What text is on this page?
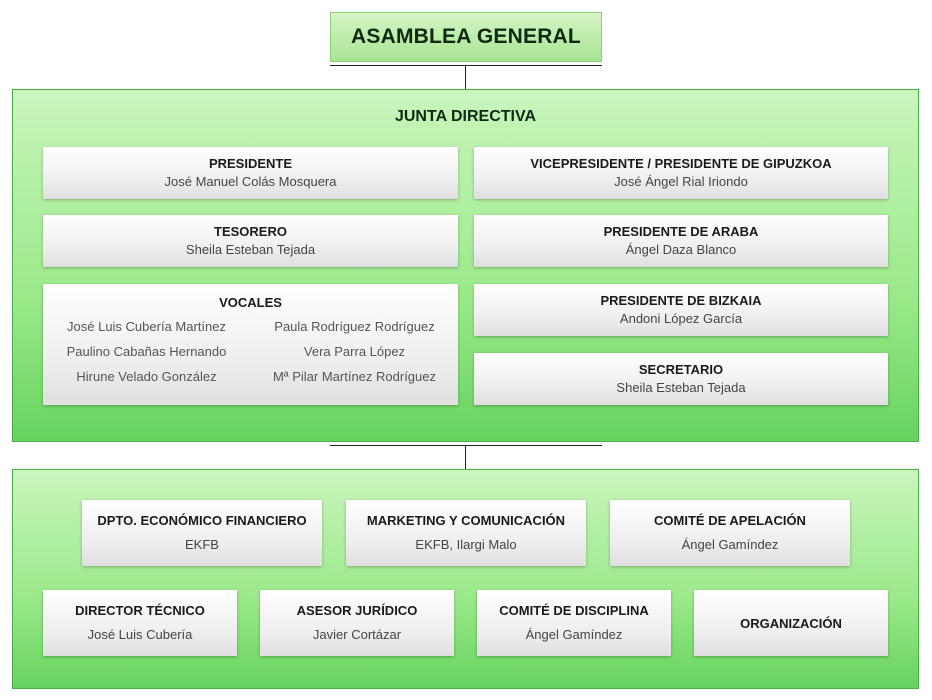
ASAMBLEA GENERAL
JUNTA DIRECTIVA
PRESIDENTE
José Manuel Colás Mosquera
VICEPRESIDENTE / PRESIDENTE DE GIPUZKOA
José Ángel Rial Iriondo
TESORERO
Sheila Esteban Tejada
PRESIDENTE DE ARABA
Ángel Daza Blanco
VOCALES
José Luis Cubería Martínez	Paula Rodríguez Rodríguez
Paulino Cabañas Hernando	Vera Parra López
Hirune Velado González	Mª Pilar Martínez Rodríguez
PRESIDENTE DE BIZKAIA
Andoni López García
SECRETARIO
Sheila Esteban Tejada
DPTO. ECONÓMICO FINANCIERO
EKFB
MARKETING Y COMUNICACIÓN
EKFB, Ilargi Malo
COMITÉ DE APELACIÓN
Ángel Gamíndez
DIRECTOR TÉCNICO
José Luis Cubería
ASESOR JURÍDICO
Javier Cortázar
COMITÉ DE DISCIPLINA
Ángel Gamíndez
ORGANIZACIÓN
